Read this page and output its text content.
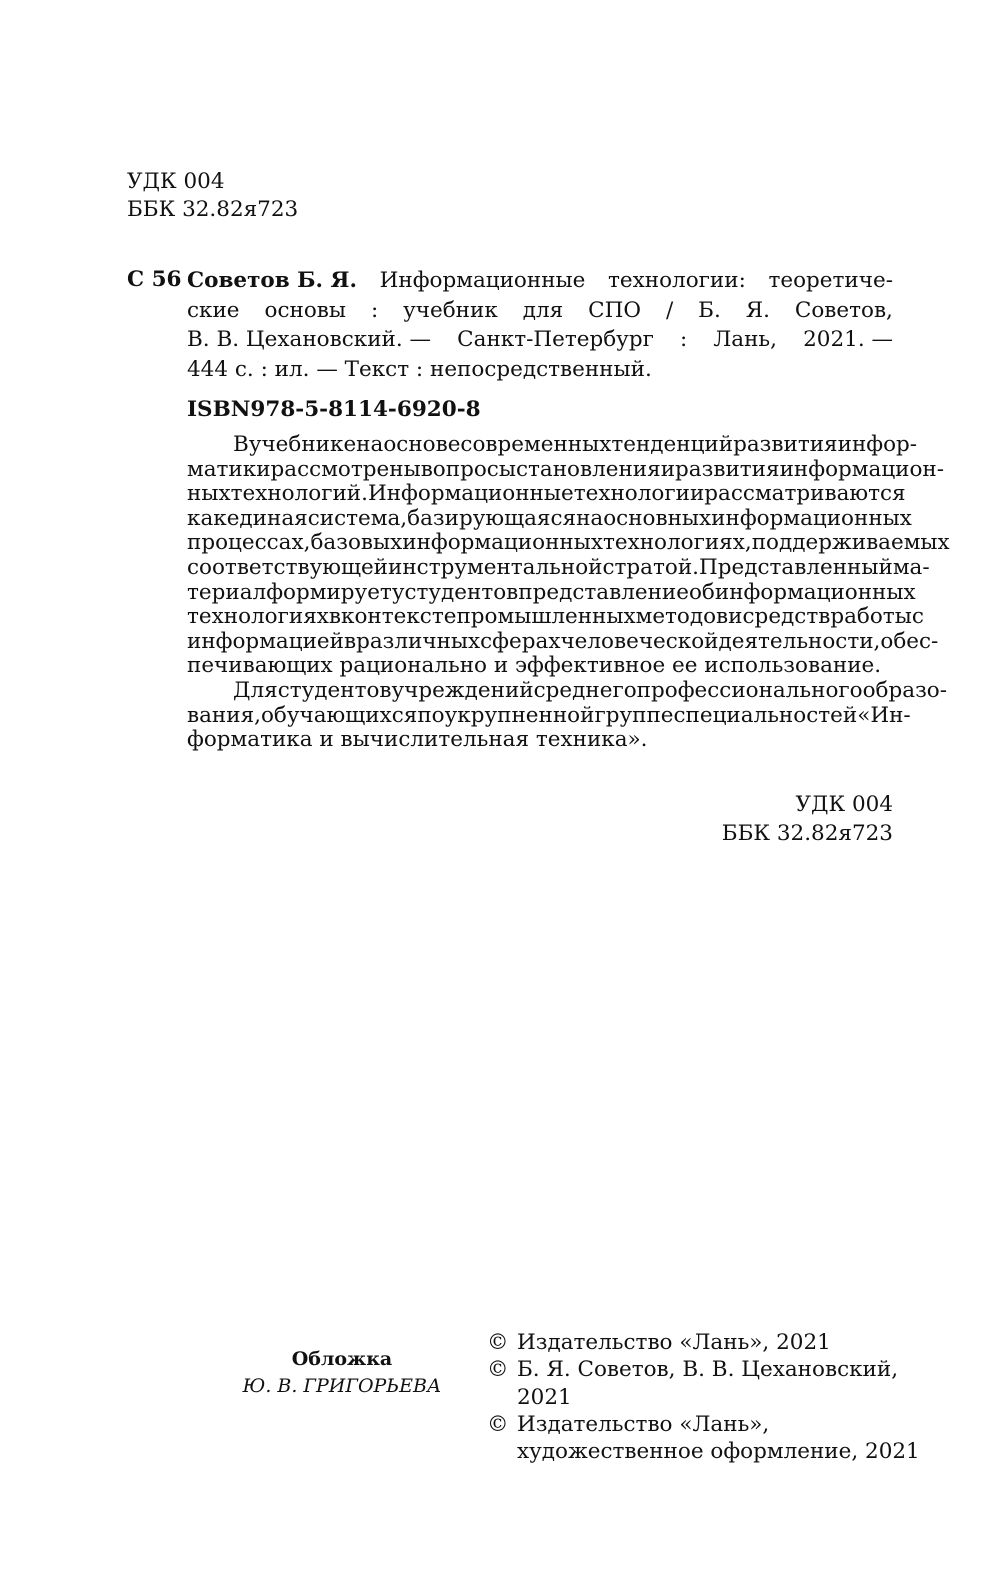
УДК 004
ББК 32.82я723
С 56 Советов Б. Я. Информационные технологии: теоретиче-
ские основы : учебник для СПО / Б. Я. Советов,
В. В. Цехановский. — Санкт-Петербург : Лань, 2021. —
444 с. : ил. — Текст : непосредственный.
ISBN978-5-8114-6920-8
В учебнике на основе современных тенденций развития инфор-
матики рассмотрены вопросы становления и развития информацион-
ных технологий. Информационные технологии рассматриваются
как единая система, базирующаяся на основных информационных
процессах, базовых информационных технологиях, поддерживаемых
соответствующей инструментальной стратой. Представленный ма-
териал формирует у студентов представление об информационных
технологиях в контексте промышленных методов и средств работы с
информацией в различных сферах человеческой деятельности, обес-
печивающих рационально и эффективное ее использование.
Для студентов учреждений среднего профессионального образо-
вания, обучающихся по укрупненной группе специальностей «Ин-
форматика и вычислительная техника».
УДК 004
ББК 32.82я723
Обложка
Ю. В. ГРИГОРЬЕВА
© Издательство «Лань», 2021
© Б. Я. Советов, В. В. Цехановский,
2021
© Издательство «Лань»,
художественное оформление, 2021
